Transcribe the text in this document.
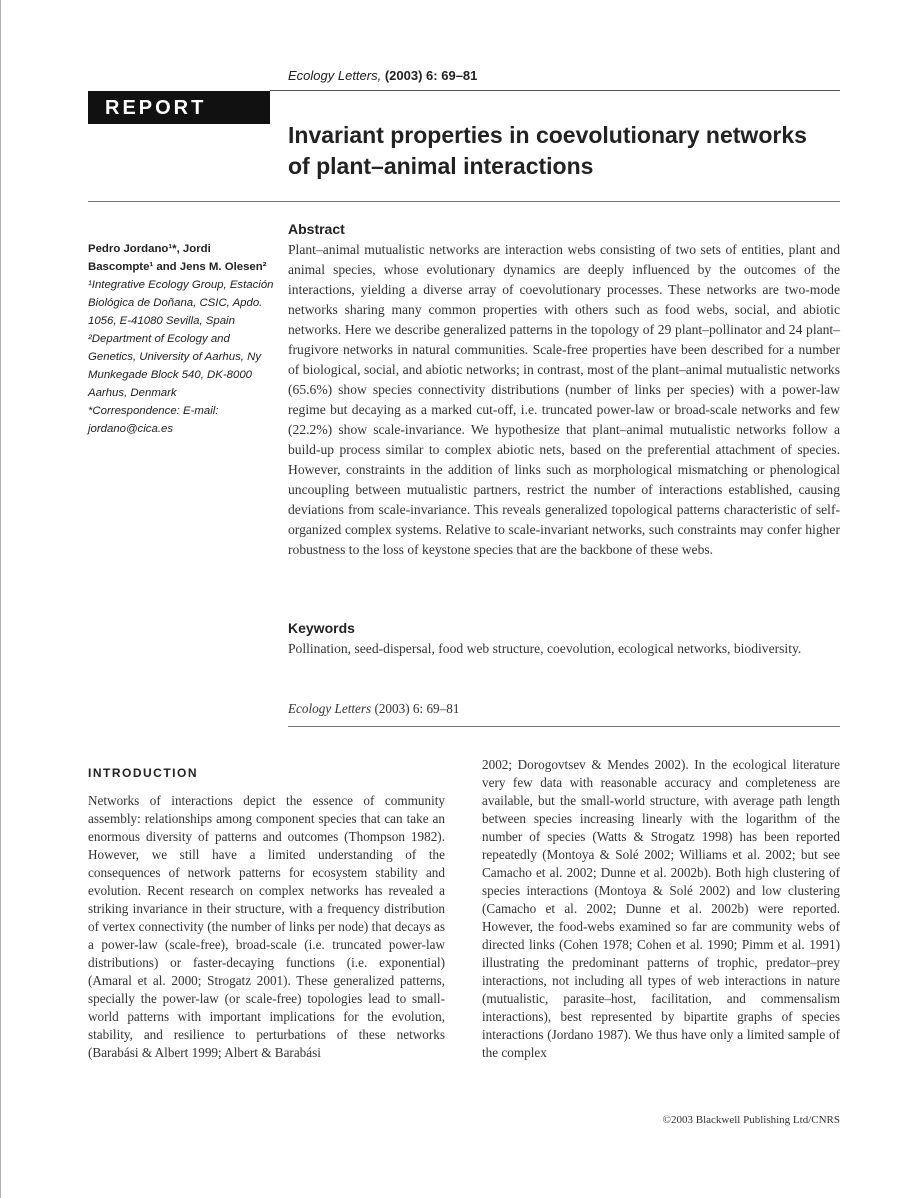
Ecology Letters, (2003) 6: 69–81
REPORT
Invariant properties in coevolutionary networks
of plant–animal interactions
Pedro Jordano¹*, Jordi Bascompte¹ and Jens M. Olesen²
¹Integrative Ecology Group, Estación Biológica de Doñana, CSIC, Apdo. 1056, E-41080 Sevilla, Spain
²Department of Ecology and Genetics, University of Aarhus, Ny Munkegade Block 540, DK-8000 Aarhus, Denmark
*Correspondence: E-mail: jordano@cica.es
Abstract

Plant–animal mutualistic networks are interaction webs consisting of two sets of entities, plant and animal species, whose evolutionary dynamics are deeply influenced by the outcomes of the interactions, yielding a diverse array of coevolutionary processes. These networks are two-mode networks sharing many common properties with others such as food webs, social, and abiotic networks. Here we describe generalized patterns in the topology of 29 plant–pollinator and 24 plant–frugivore networks in natural communities. Scale-free properties have been described for a number of biological, social, and abiotic networks; in contrast, most of the plant–animal mutualistic networks (65.6%) show species connectivity distributions (number of links per species) with a power-law regime but decaying as a marked cut-off, i.e. truncated power-law or broad-scale networks and few (22.2%) show scale-invariance. We hypothesize that plant–animal mutualistic networks follow a build-up process similar to complex abiotic nets, based on the preferential attachment of species. However, constraints in the addition of links such as morphological mismatching or phenological uncoupling between mutualistic partners, restrict the number of interactions established, causing deviations from scale-invariance. This reveals generalized topological patterns characteristic of self-organized complex systems. Relative to scale-invariant networks, such constraints may confer higher robustness to the loss of keystone species that are the backbone of these webs.

Keywords

Pollination, seed-dispersal, food web structure, coevolution, ecological networks, biodiversity.

Ecology Letters (2003) 6: 69–81
INTRODUCTION

Networks of interactions depict the essence of community assembly: relationships among component species that can take an enormous diversity of patterns and outcomes (Thompson 1982). However, we still have a limited understanding of the consequences of network patterns for ecosystem stability and evolution. Recent research on complex networks has revealed a striking invariance in their structure, with a frequency distribution of vertex connectivity (the number of links per node) that decays as a power-law (scale-free), broad-scale (i.e. truncated power-law distributions) or faster-decaying functions (i.e. exponential) (Amaral et al. 2000; Strogatz 2001). These generalized patterns, specially the power-law (or scale-free) topologies lead to small-world patterns with important implications for the evolution, stability, and resilience to perturbations of these networks (Barabási & Albert 1999; Albert & Barabási

2002; Dorogovtsev & Mendes 2002). In the ecological literature very few data with reasonable accuracy and completeness are available, but the small-world structure, with average path length between species increasing linearly with the logarithm of the number of species (Watts & Strogatz 1998) has been reported repeatedly (Montoya & Solé 2002; Williams et al. 2002; but see Camacho et al. 2002; Dunne et al. 2002b). Both high clustering of species interactions (Montoya & Solé 2002) and low clustering (Camacho et al. 2002; Dunne et al. 2002b) were reported. However, the food-webs examined so far are community webs of directed links (Cohen 1978; Cohen et al. 1990; Pimm et al. 1991) illustrating the predominant patterns of trophic, predator–prey interactions, not including all types of web interactions in nature (mutualistic, parasite–host, facilitation, and commensalism interactions), best represented by bipartite graphs of species interactions (Jordano 1987). We thus have only a limited sample of the complex

©2003 Blackwell Publishing Ltd/CNRS
